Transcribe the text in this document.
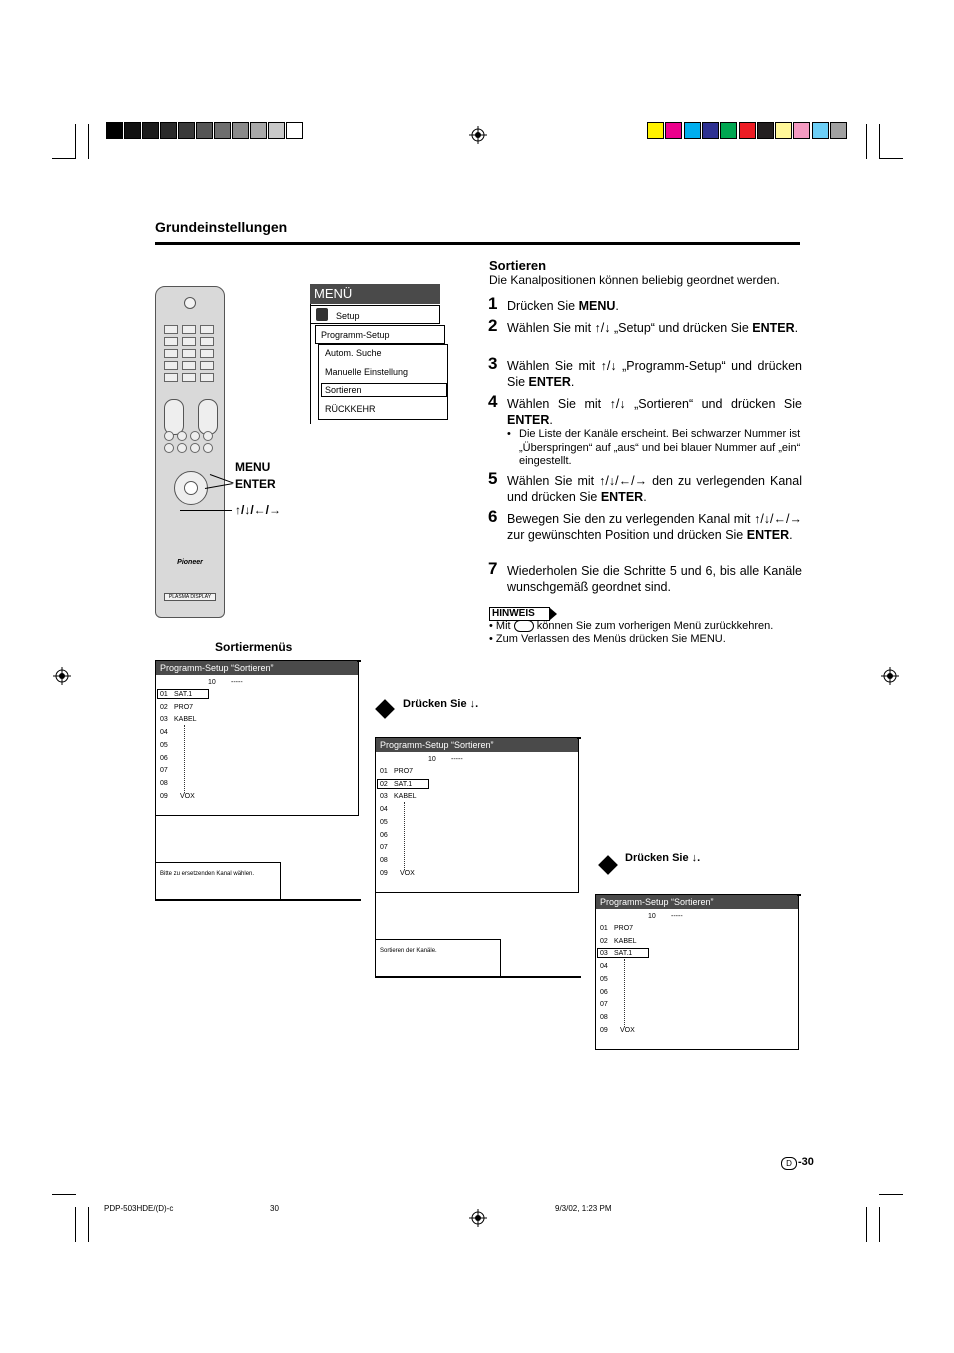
Grundeinstellungen
Pioneer
PLASMA DISPLAY
MENU
ENTER
↑/↓/←/→
MENÜ
Setup
Programm-Setup
Autom. Suche
Manuelle Einstellung
Sortieren
RÜCKKEHR
Sortieren
Die Kanalpositionen können beliebig geordnet werden.
• Die Liste der Kanäle erscheint. Bei schwarzer Nummer ist „Überspringen“ auf „aus“ und bei blauer Nummer auf „ein“ eingestellt.
HINWEIS
• Mit können Sie zum vorherigen Menü zurückkehren.
• Zum Verlassen des Menüs drücken Sie MENU.
Sortiermenüs
Drücken Sie ↓.
Drücken Sie ↓.
D -30
PDP-503HDE/(D)-c	30	9/3/02, 1:23 PM
1 Drücken Sie MENU.
2 Wählen Sie mit ↑/↓ „Setup“ und drücken Sie ENTER.
3 Wählen Sie mit ↑/↓ „Programm-Setup“ und drücken Sie ENTER.
4 Wählen Sie mit ↑/↓ „Sortieren“ und drücken Sie ENTER.
5 Wählen Sie mit ↑/↓/←/→ den zu verlegenden Kanal und drücken Sie ENTER.
6 Bewegen Sie den zu verlegenden Kanal mit ↑/↓/←/→ zur gewünschten Position und drücken Sie ENTER.
7 Wiederholen Sie die Schritte 5 und 6, bis alle Kanäle wunschgemäß geordnet sind.
Programm-Setup “Sortieren”
10 -----
01 SAT.1
02 PRO7
03 KABEL
04
05
06
07
08
09 VOX
Bitte zu ersetzenden Kanal wählen.
Programm-Setup “Sortieren”
10 -----
01 PRO7
02 SAT.1
03 KABEL
04
05
06
07
08
09 VOX
Sortieren der Kanäle.
Programm-Setup “Sortieren”
10 -----
01 PRO7
02 KABEL
03 SAT.1
04
05
06
07
08
09 VOX
